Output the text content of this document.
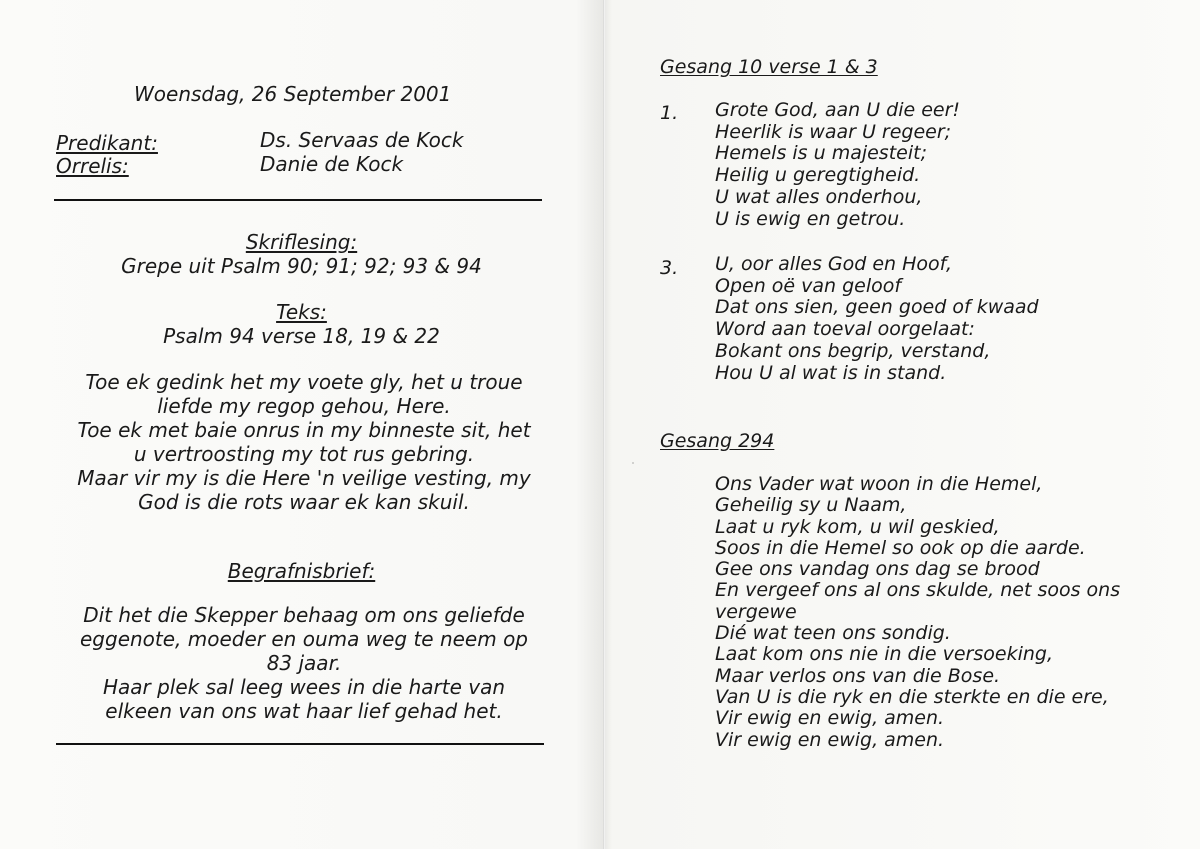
Woensdag, 26 September 2001
Predikant:	Ds. Servaas de Kock
Orrelis:	Danie de Kock
Skriflesing:
Grepe uit Psalm 90; 91; 92; 93 & 94
Teks:
Psalm 94 verse 18, 19 & 22
Toe ek gedink het my voete gly, het u troue
liefde my regop gehou, Here.
Toe ek met baie onrus in my binneste sit, het
u vertroosting my tot rus gebring.
Maar vir my is die Here 'n veilige vesting, my
God is die rots waar ek kan skuil.
Begrafnisbrief:
Dit het die Skepper behaag om ons geliefde
eggenote, moeder en ouma weg te neem op
83 jaar.
Haar plek sal leeg wees in die harte van
elkeen van ons wat haar lief gehad het.
Gesang 10 verse 1 & 3
1. Grote God, aan U die eer!
Heerlik is waar U regeer;
Hemels is u majesteit;
Heilig u geregtigheid.
U wat alles onderhou,
U is ewig en getrou.
3. U, oor alles God en Hoof,
Open oë van geloof
Dat ons sien, geen goed of kwaad
Word aan toeval oorgelaat:
Bokant ons begrip, verstand,
Hou U al wat is in stand.
Gesang 294
Ons Vader wat woon in die Hemel,
Geheilig sy u Naam,
Laat u ryk kom, u wil geskied,
Soos in die Hemel so ook op die aarde.
Gee ons vandag ons dag se brood
En vergeef ons al ons skulde, net soos ons
vergewe
Dié wat teen ons sondig.
Laat kom ons nie in die versoeking,
Maar verlos ons van die Bose.
Van U is die ryk en die sterkte en die ere,
Vir ewig en ewig, amen.
Vir ewig en ewig, amen.
